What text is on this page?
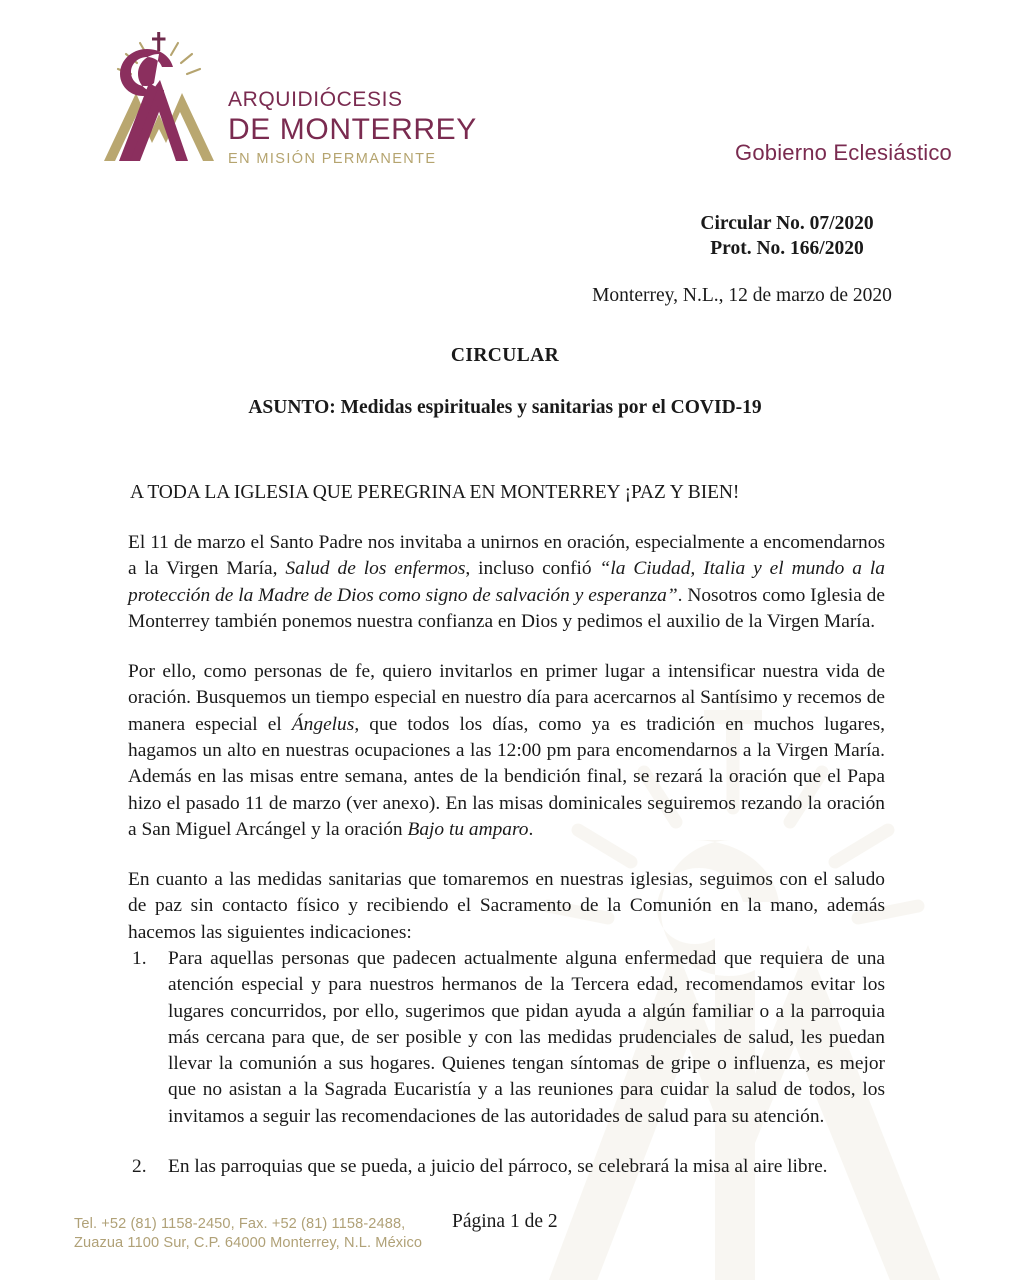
arquidiócesis
DE MONTERREY
EN MISIÓN PERMANENTE	Gobierno Eclesiástico
Circular No. 07/2020
Prot. No. 166/2020
Monterrey, N.L., 12 de marzo de 2020
CIRCULAR
ASUNTO: Medidas espirituales y sanitarias por el COVID-19
A TODA LA IGLESIA QUE PEREGRINA EN MONTERREY ¡PAZ Y BIEN!

El 11 de marzo el Santo Padre nos invitaba a unirnos en oración, especialmente a encomendarnos a la Virgen María, Salud de los enfermos, incluso confió “la Ciudad, Italia y el mundo a la protección de la Madre de Dios como signo de salvación y esperanza”. Nosotros como Iglesia de Monterrey también ponemos nuestra confianza en Dios y pedimos el auxilio de la Virgen María.

Por ello, como personas de fe, quiero invitarlos en primer lugar a intensificar nuestra vida de oración. Busquemos un tiempo especial en nuestro día para acercarnos al Santísimo y recemos de manera especial el Ángelus, que todos los días, como ya es tradición en muchos lugares, hagamos un alto en nuestras ocupaciones a las 12:00 pm para encomendarnos a la Virgen María. Además en las misas entre semana, antes de la bendición final, se rezará la oración que el Papa hizo el pasado 11 de marzo (ver anexo). En las misas dominicales seguiremos rezando la oración a San Miguel Arcángel y la oración Bajo tu amparo.

En cuanto a las medidas sanitarias que tomaremos en nuestras iglesias, seguimos con el saludo de paz sin contacto físico y recibiendo el Sacramento de la Comunión en la mano, además hacemos las siguientes indicaciones:

Para aquellas personas que padecen actualmente alguna enfermedad que requiera de una atención especial y para nuestros hermanos de la Tercera edad, recomendamos evitar los lugares concurridos, por ello, sugerimos que pidan ayuda a algún familiar o a la parroquia más cercana para que, de ser posible y con las medidas prudenciales de salud, les puedan llevar la comunión a sus hogares. Quienes tengan síntomas de gripe o influenza, es mejor que no asistan a la Sagrada Eucaristía y a las reuniones para cuidar la salud de todos, los invitamos a seguir las recomendaciones de las autoridades de salud para su atención.
En las parroquias que se pueda, a juicio del párroco, se celebrará la misa al aire libre.
Tel. +52 (81) 1158-2450, Fax. +52 (81) 1158-2488,
Zuazua 1100 Sur, C.P. 64000 Monterrey, N.L. México
Página 1 de 2
